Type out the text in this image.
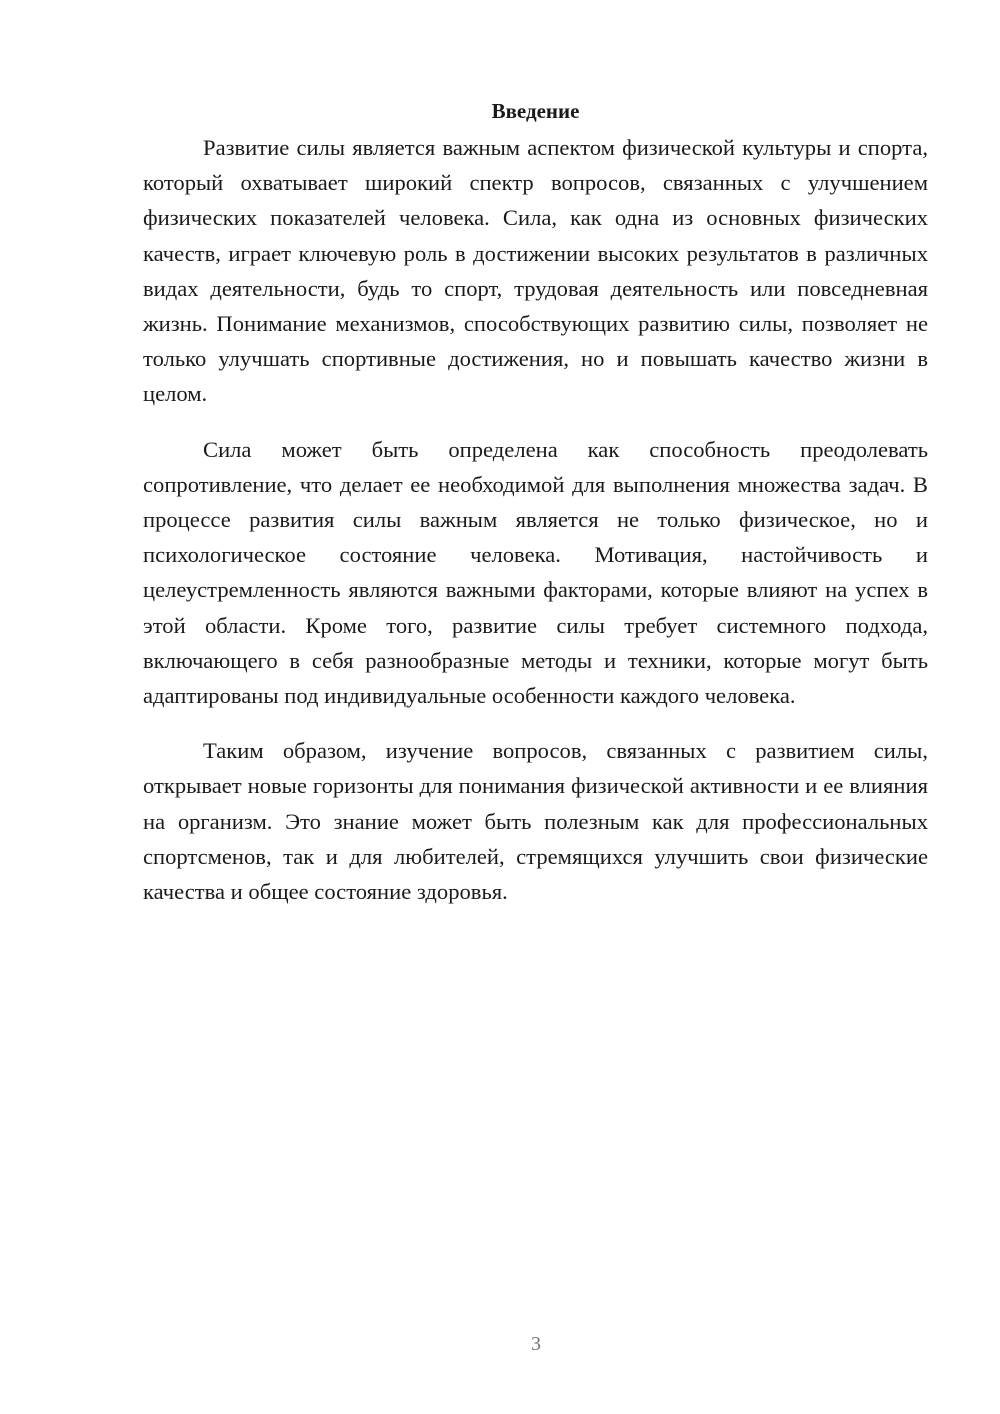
Введение

Развитие силы является важным аспектом физической культуры и спорта, который охватывает широкий спектр вопросов, связанных с улучшением физических показателей человека. Сила, как одна из основных физических качеств, играет ключевую роль в достижении высоких результатов в различных видах деятельности, будь то спорт, трудовая деятельность или повседневная жизнь. Понимание механизмов, способствующих развитию силы, позволяет не только улучшать спортивные достижения, но и повышать качество жизни в целом.

Сила может быть определена как способность преодолевать сопротивление, что делает ее необходимой для выполнения множества задач. В процессе развития силы важным является не только физическое, но и психологическое состояние человека. Мотивация, настойчивость и целеустремленность являются важными факторами, которые влияют на успех в этой области. Кроме того, развитие силы требует системного подхода, включающего в себя разнообразные методы и техники, которые могут быть адаптированы под индивидуальные особенности каждого человека.

Таким образом, изучение вопросов, связанных с развитием силы, открывает новые горизонты для понимания физической активности и ее влияния на организм. Это знание может быть полезным как для профессиональных спортсменов, так и для любителей, стремящихся улучшить свои физические качества и общее состояние здоровья.

3
